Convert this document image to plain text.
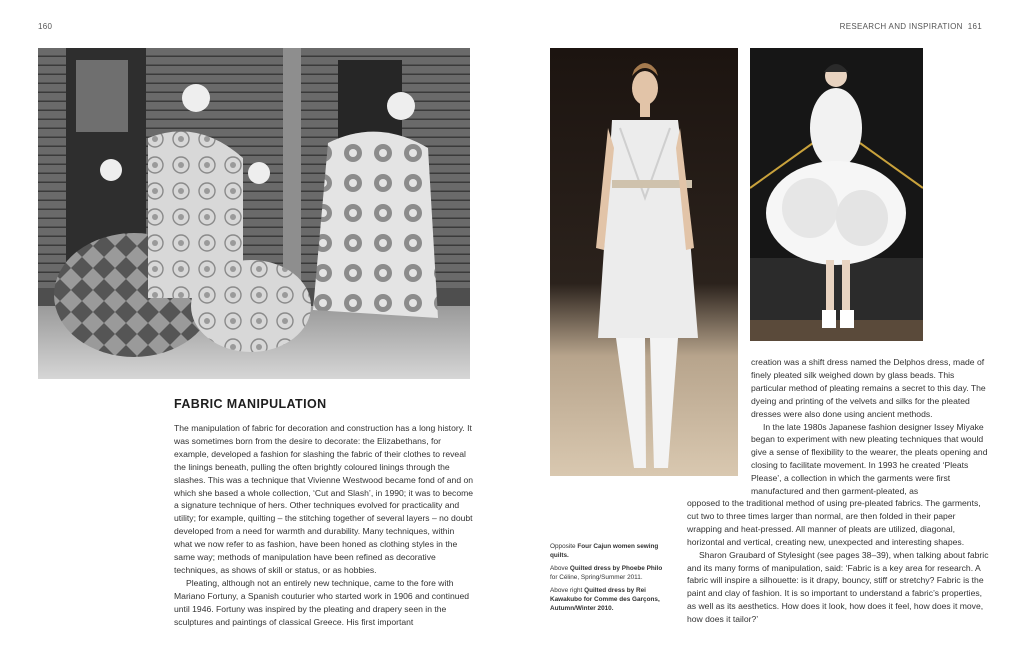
160	RESEARCH AND INSPIRATION 161
FABRIC MANIPULATION

The manipulation of fabric for decoration and construction has a long history. It was sometimes born from the desire to decorate: the Elizabethans, for example, developed a fashion for slashing the fabric of their clothes to reveal the linings beneath, pulling the often brightly coloured linings through the slashes. This was a technique that Vivienne Westwood became fond of and on which she based a whole collection, ‘Cut and Slash’, in 1990; it was to become a signature technique of hers. Other techniques evolved for practicality and utility; for example, quilting – the stitching together of several layers – no doubt developed from a need for warmth and durability. Many techniques, within what we now refer to as fashion, have been honed as clothing styles in the same way; methods of manipulation have been refined as decorative techniques, as shows of skill or status, or as hobbies.

Pleating, although not an entirely new technique, came to the fore with Mariano Fortuny, a Spanish couturier who started work in 1906 and continued until 1946. Fortuny was inspired by the pleating and drapery seen in the sculptures and paintings of classical Greece. His first important

creation was a shift dress named the Delphos dress, made of finely pleated silk weighed down by glass beads. This particular method of pleating remains a secret to this day. The dyeing and printing of the velvets and silks for the pleated dresses were also done using ancient methods.

In the late 1980s Japanese fashion designer Issey Miyake began to experiment with new pleating techniques that would give a sense of flexibility to the wearer, the pleats opening and closing to facilitate movement. In 1993 he created ‘Pleats Please’, a collection in which the garments were first manufactured and then garment-pleated, as

opposed to the traditional method of using pre-pleated fabrics. The garments, cut two to three times larger than normal, are then folded in their paper wrapping and heat-pressed. All manner of pleats are utilized, diagonal, horizontal and vertical, creating new, unexpected and interesting shapes.

Sharon Graubard of Stylesight (see pages 38–39), when talking about fabric and its many forms of manipulation, said: ‘Fabric is a key area for research. A fabric will inspire a silhouette: is it drapy, bouncy, stiff or stretchy? Fabric is the paint and clay of fashion. It is so important to understand a fabric’s properties, as well as its aesthetics. How does it look, how does it feel, how does it move, how does it tailor?’

Opposite Four Cajun women sewing quilts.

Above Quilted dress by Phoebe Philo for Céline, Spring/Summer 2011.

Above right Quilted dress by Rei Kawakubo for Comme des Garçons, Autumn/Winter 2010.
